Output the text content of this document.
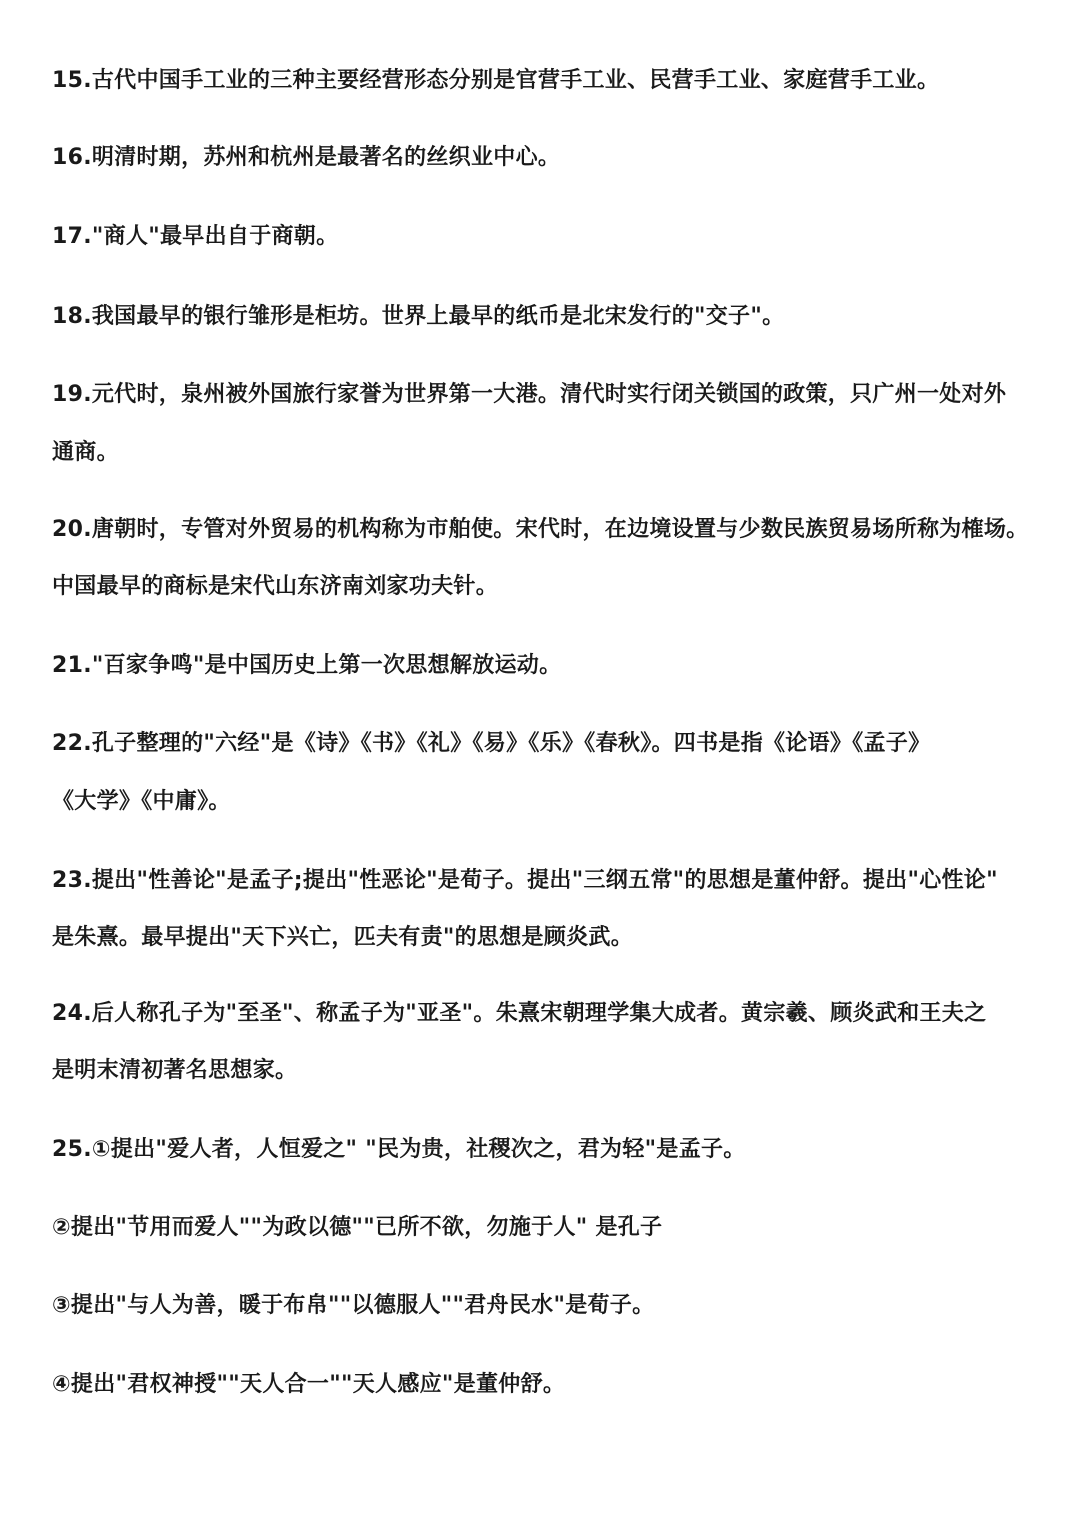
15.古代中国手工业的三种主要经营形态分别是官营手工业、民营手工业、家庭营手工业。
16.明清时期，苏州和杭州是最著名的丝织业中心。
17."商人"最早出自于商朝。
18.我国最早的银行雏形是柜坊。世界上最早的纸币是北宋发行的"交子"。
19.元代时，泉州被外国旅行家誉为世界第一大港。清代时实行闭关锁国的政策，只广州一处对外
通商。
20.唐朝时，专管对外贸易的机构称为市舶使。宋代时，在边境设置与少数民族贸易场所称为榷场。
中国最早的商标是宋代山东济南刘家功夫针。
21."百家争鸣"是中国历史上第一次思想解放运动。
22.孔子整理的"六经"是《诗》《书》《礼》《易》《乐》《春秋》。四书是指《论语》《孟子》
《大学》《中庸》。
23.提出"性善论"是孟子;提出"性恶论"是荀子。提出"三纲五常"的思想是董仲舒。提出"心性论"
是朱熹。最早提出"天下兴亡，匹夫有责"的思想是顾炎武。
24.后人称孔子为"至圣"、称孟子为"亚圣"。朱熹宋朝理学集大成者。黄宗羲、顾炎武和王夫之
是明末清初著名思想家。
25.①提出"爱人者，人恒爱之" "民为贵，社稷次之，君为轻"是孟子。
②提出"节用而爱人""为政以德""已所不欲，勿施于人" 是孔子
③提出"与人为善，暖于布帛""以德服人""君舟民水"是荀子。
④提出"君权神授""天人合一""天人感应"是董仲舒。
